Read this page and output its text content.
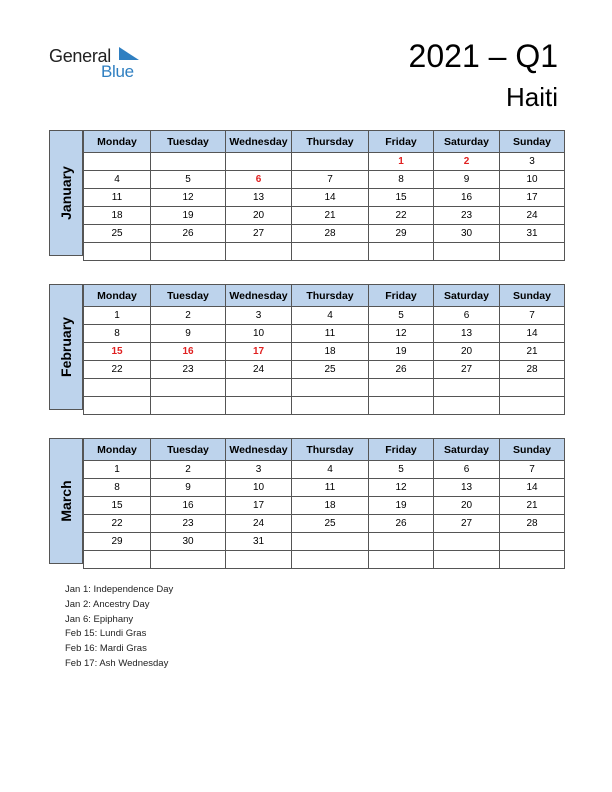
General
Blue	2021 – Q1
Haiti
January
Monday	Tuesday	Wednesday	Thursday	Friday	Saturday	Sunday
				1	2	3
4	5	6	7	8	9	10
11	12	13	14	15	16	17
18	19	20	21	22	23	24
25	26	27	28	29	30	31

February
Monday	Tuesday	Wednesday	Thursday	Friday	Saturday	Sunday
1	2	3	4	5	6	7
8	9	10	11	12	13	14
15	16	17	18	19	20	21
22	23	24	25	26	27	28

March
Monday	Tuesday	Wednesday	Thursday	Friday	Saturday	Sunday
1	2	3	4	5	6	7
8	9	10	11	12	13	14
15	16	17	18	19	20	21
22	23	24	25	26	27	28
29	30	31				

Jan 1: Independence Day
Jan 2: Ancestry Day
Jan 6: Epiphany
Feb 15: Lundi Gras
Feb 16: Mardi Gras
Feb 17: Ash Wednesday
